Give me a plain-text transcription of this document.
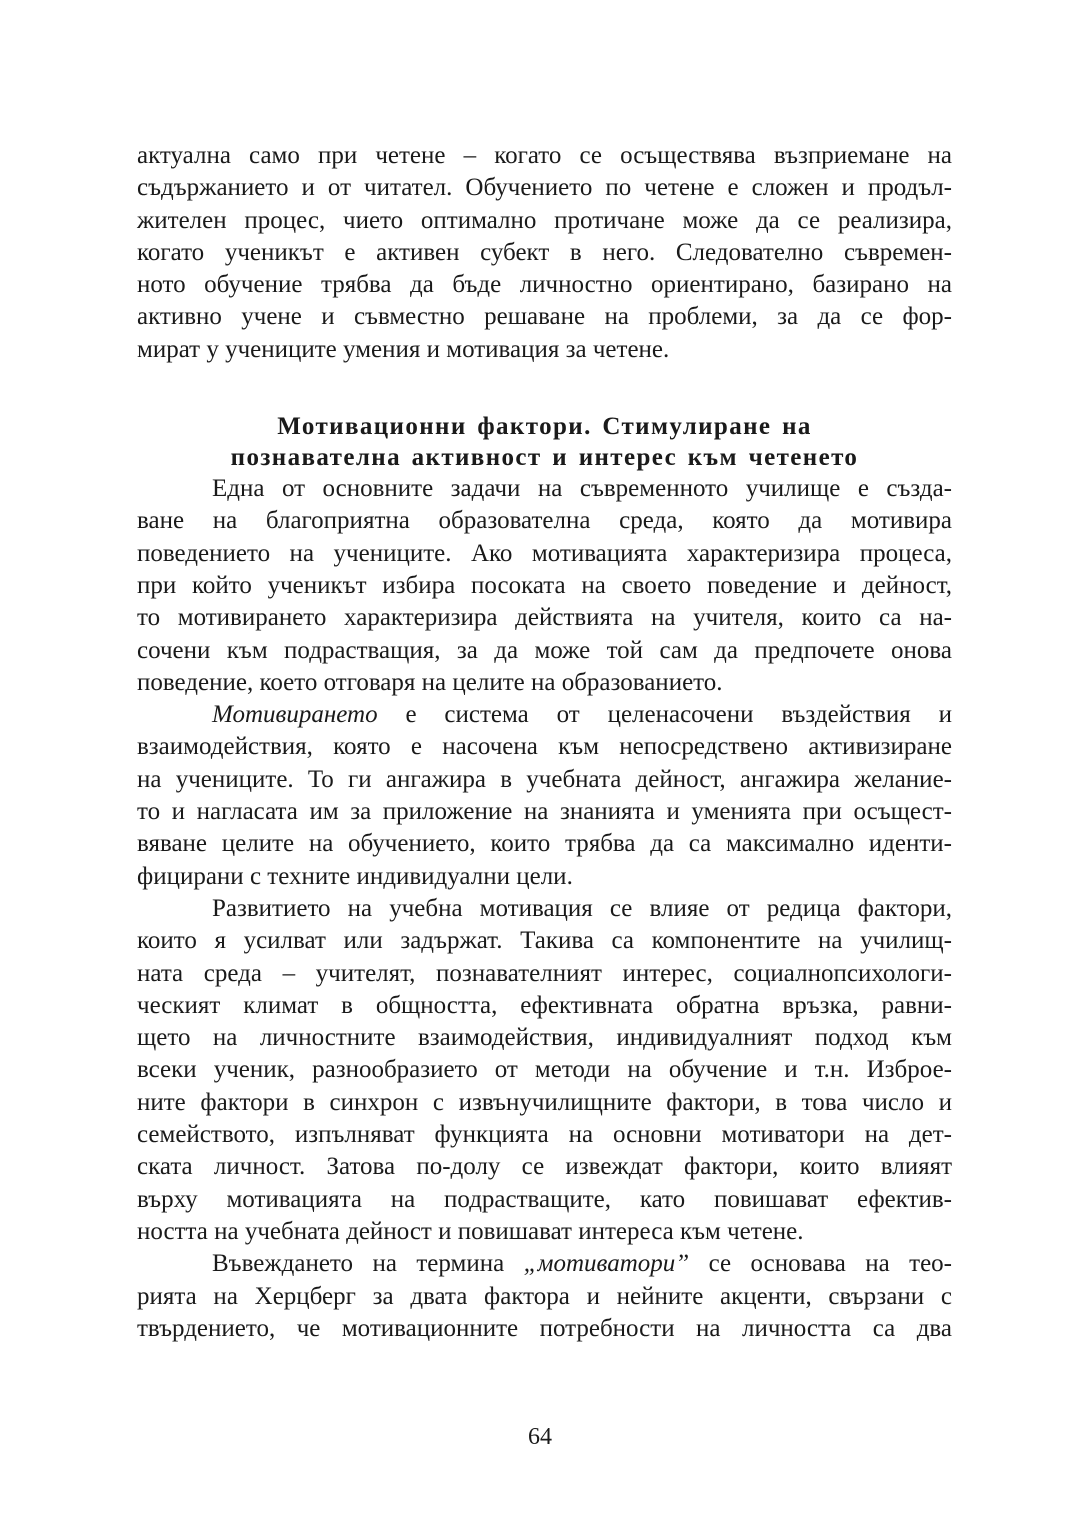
актуална само при четене – когато се осъществява възприемане на
съдържанието и от читател. Обучението по четене е сложен и продъл-
жителен процес, чието оптимално протичане може да се реализира,
когато ученикът е активен субект в него. Следователно съвремен-
ното обучение трябва да бъде личностно ориентирано, базирано на
активно учене и съвместно решаване на проблеми, за да се фор-
мират у учениците умения и мотивация за четене.
Мотивационни фактори. Стимулиране на
познавателна активност и интерес към четенето
Една от основните задачи на съвременното училище е създа-
ване на благоприятна образователна среда, която да мотивира
поведението на учениците. Ако мотивацията характеризира процеса,
при който ученикът избира посоката на своето поведение и дейност,
то мотивирането характеризира действията на учителя, които са на-
сочени към подрастващия, за да може той сам да предпочете онова
поведение, което отговаря на целите на образованието.
Мотивирането е система от целенасочени въздействия и
взаимодействия, която е насочена към непосредствено активизиране
на учениците. То ги ангажира в учебната дейност, ангажира желание-
то и нагласата им за приложение на знанията и уменията при осъщест-
вяване целите на обучението, които трябва да са максимално иденти-
фицирани с техните индивидуални цели.
Развитието на учебна мотивация се влияе от редица фактори,
които я усилват или задържат. Такива са компонентите на училищ-
ната среда – учителят, познавателният интерес, социалнопсихологи-
ческият климат в общността, ефективната обратна връзка, равни-
щето на личностните взаимодействия, индивидуалният подход към
всеки ученик, разнообразието от методи на обучение и т.н. Изброе-
ните фактори в синхрон с извънучилищните фактори, в това число и
семейството, изпълняват функцията на основни мотиватори на дет-
ската личност. Затова по-долу се извеждат фактори, които влияят
върху мотивацията на подрастващите, като повишават ефектив-
ността на учебната дейност и повишават интереса към четене.
Въвеждането на термина „мотиватори” се основава на тео-
рията на Херцберг за двата фактора и нейните акценти, свързани с
твърдението, че мотивационните потребности на личността са два
64
